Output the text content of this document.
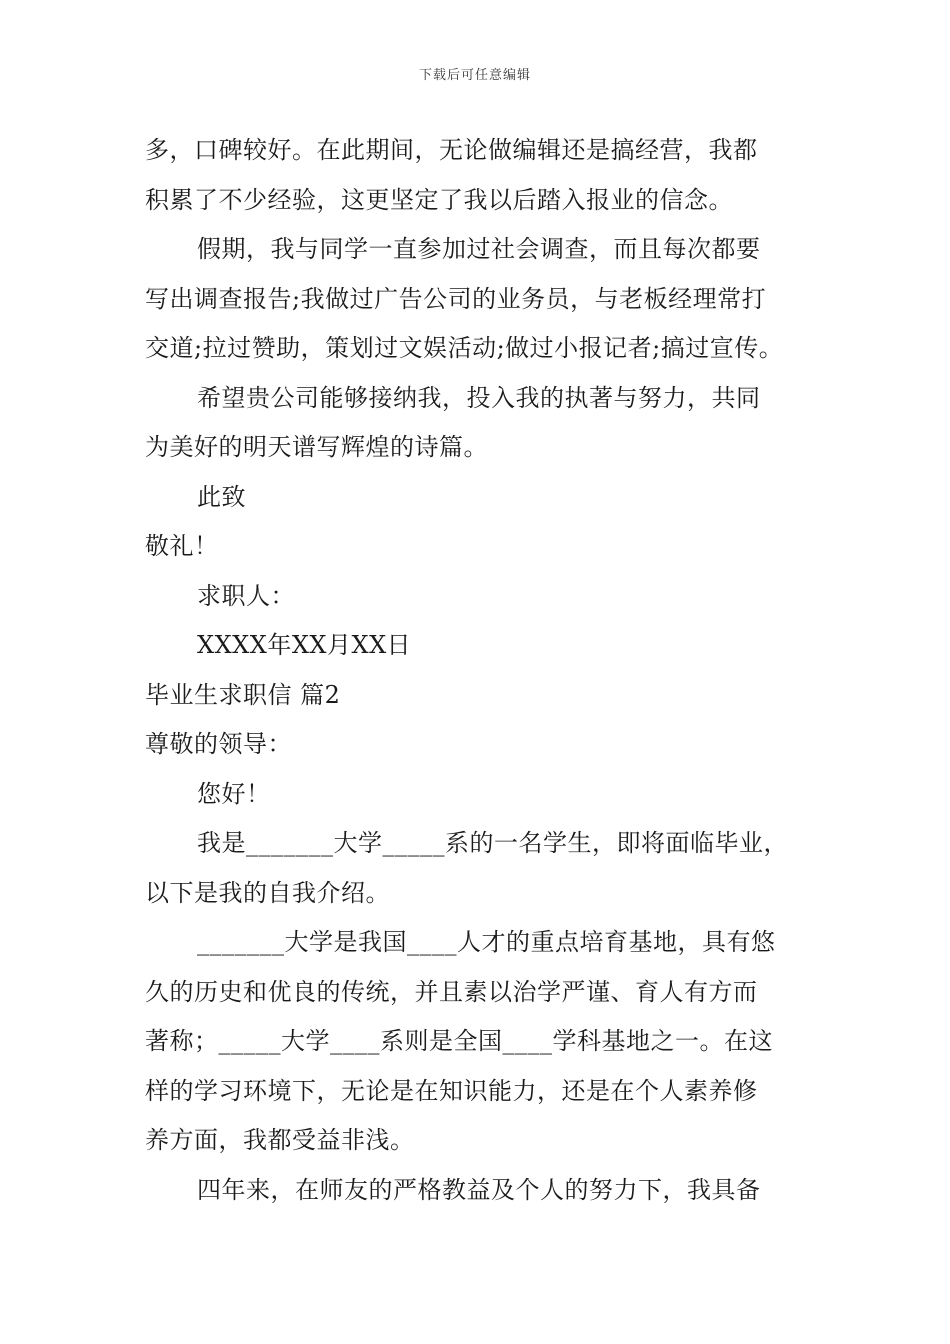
下载后可任意编辑
多，口碑较好。在此期间，无论做编辑还是搞经营，我都
积累了不少经验，这更坚定了我以后踏入报业的信念。
假期，我与同学一直参加过社会调查，而且每次都要
写出调查报告;我做过广告公司的业务员，与老板经理常打
交道;拉过赞助，策划过文娱活动;做过小报记者;搞过宣传。
希望贵公司能够接纳我，投入我的执著与努力，共同
为美好的明天谱写辉煌的诗篇。
此致
敬礼！
求职人：
XXXX年XX月XX日
毕业生求职信 篇2
尊敬的领导：
您好！
我是_______大学_____系的一名学生，即将面临毕业，
以下是我的自我介绍。
_______大学是我国____人才的重点培育基地，具有悠
久的历史和优良的传统，并且素以治学严谨、育人有方而
著称；_____大学____系则是全国____学科基地之一。在这
样的学习环境下，无论是在知识能力，还是在个人素养修
养方面，我都受益非浅。
四年来，在师友的严格教益及个人的努力下，我具备
